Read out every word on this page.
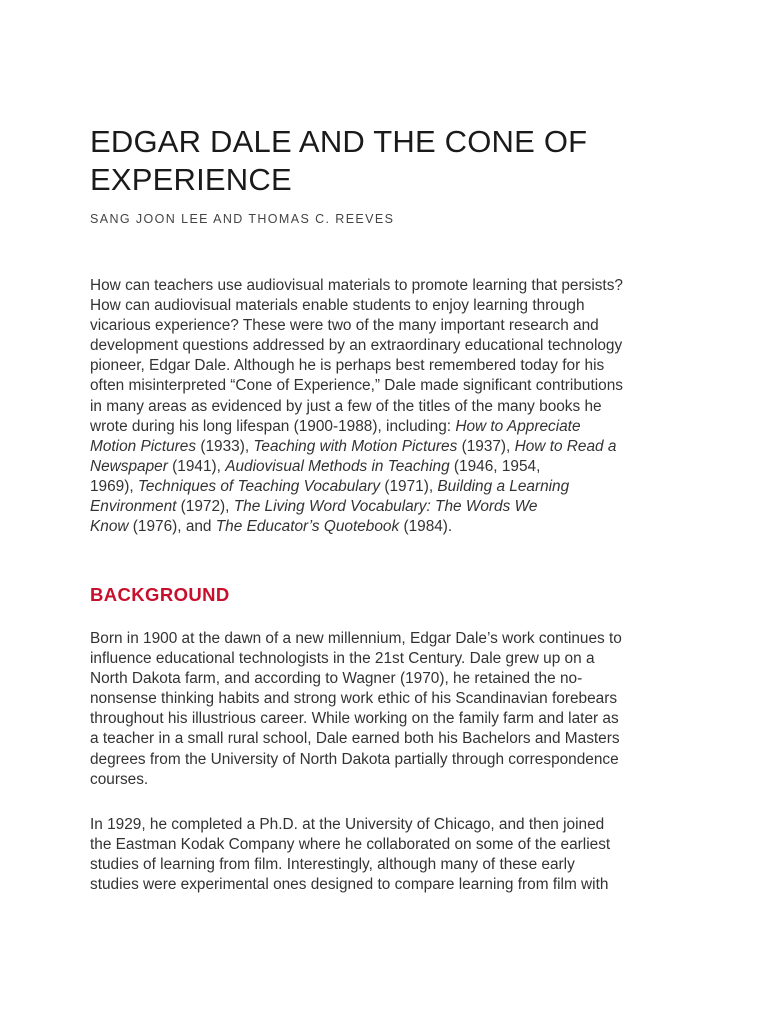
EDGAR DALE AND THE CONE OF
EXPERIENCE

SANG JOON LEE AND THOMAS C. REEVES

How can teachers use audiovisual materials to promote learning that persists?
How can audiovisual materials enable students to enjoy learning through
vicarious experience? These were two of the many important research and
development questions addressed by an extraordinary educational technology
pioneer, Edgar Dale. Although he is perhaps best remembered today for his
often misinterpreted “Cone of Experience,” Dale made significant contributions
in many areas as evidenced by just a few of the titles of the many books he
wrote during his long lifespan (1900-1988), including: How to Appreciate
Motion Pictures (1933), Teaching with Motion Pictures (1937), How to Read a
Newspaper (1941), Audiovisual Methods in Teaching (1946, 1954,
1969), Techniques of Teaching Vocabulary (1971), Building a Learning
Environment (1972), The Living Word Vocabulary: The Words We
Know (1976), and The Educator’s Quotebook (1984).

BACKGROUND

Born in 1900 at the dawn of a new millennium, Edgar Dale’s work continues to
influence educational technologists in the 21st Century. Dale grew up on a
North Dakota farm, and according to Wagner (1970), he retained the no-
nonsense thinking habits and strong work ethic of his Scandinavian forebears
throughout his illustrious career. While working on the family farm and later as
a teacher in a small rural school, Dale earned both his Bachelors and Masters
degrees from the University of North Dakota partially through correspondence
courses.

In 1929, he completed a Ph.D. at the University of Chicago, and then joined
the Eastman Kodak Company where he collaborated on some of the earliest
studies of learning from film. Interestingly, although many of these early
studies were experimental ones designed to compare learning from film with
